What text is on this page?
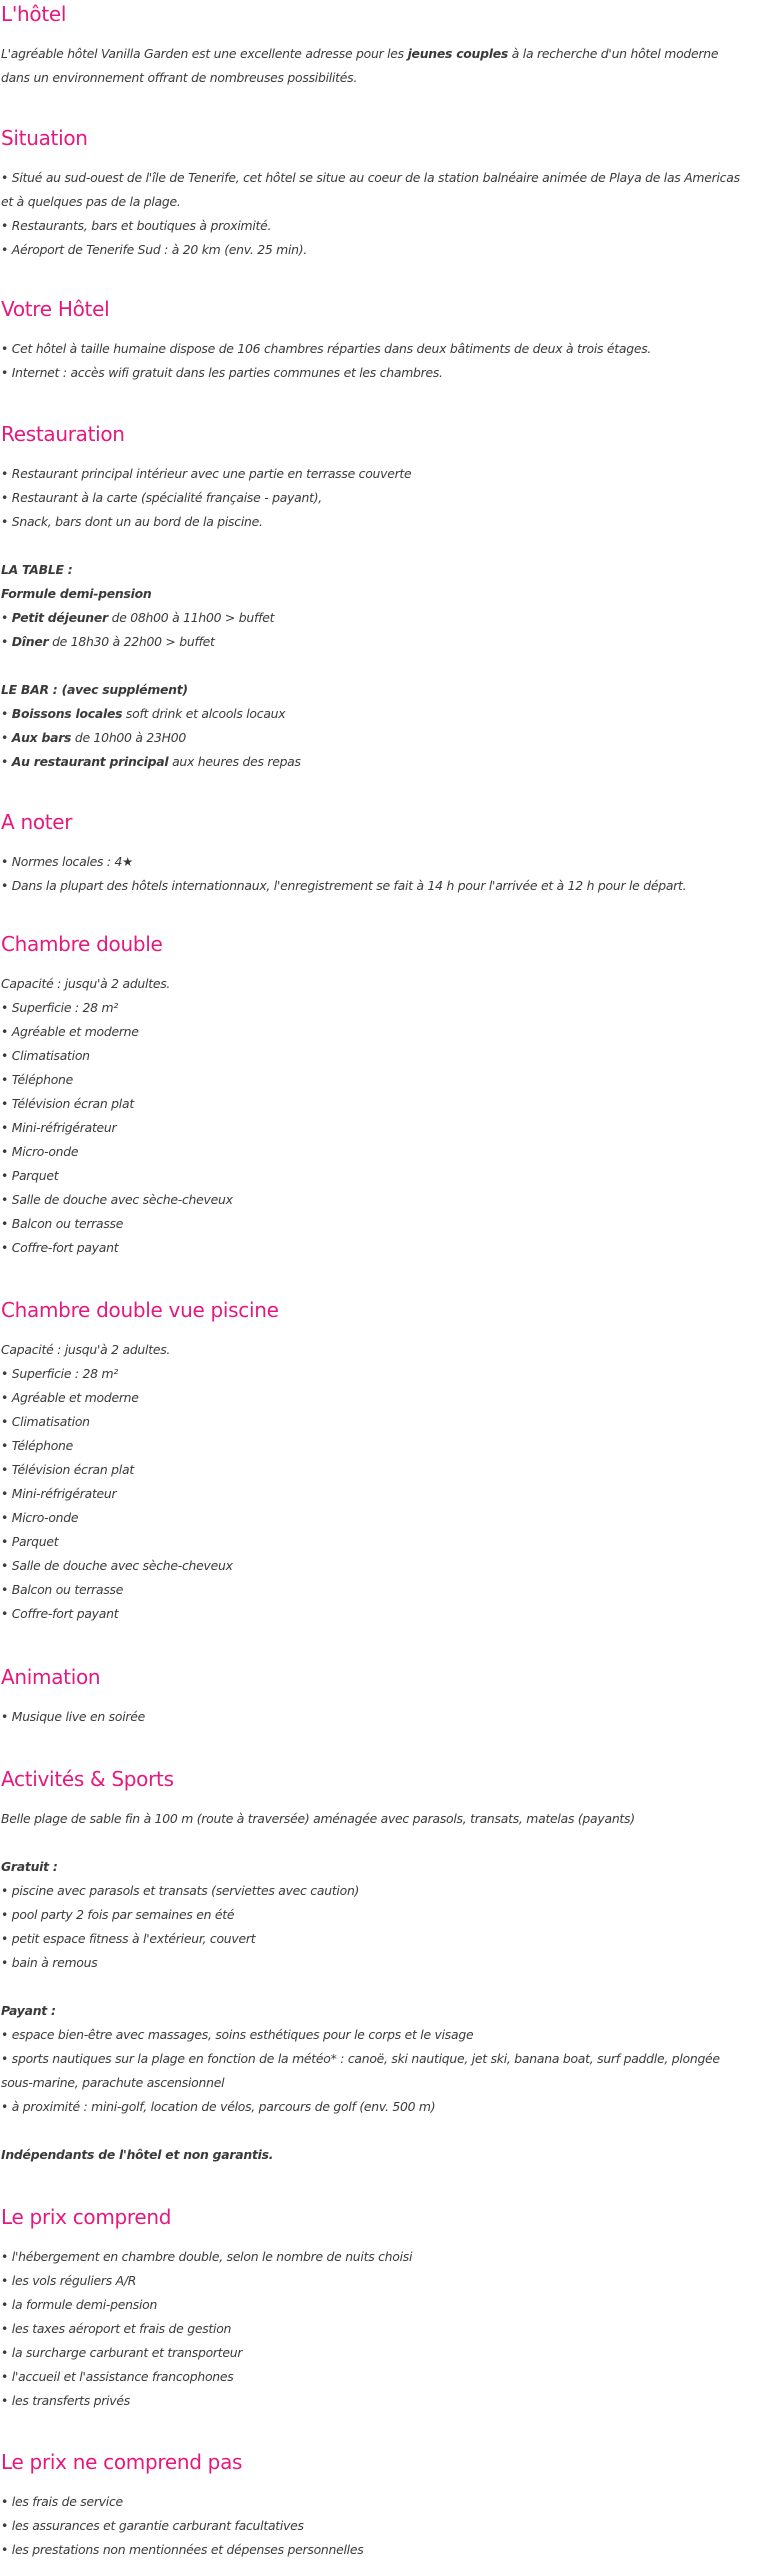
L'hôtel
L'agréable hôtel Vanilla Garden est une excellente adresse pour les jeunes couples à la recherche d'un hôtel moderne dans un environnement offrant de nombreuses possibilités.
Situation
• Situé au sud-ouest de l'île de Tenerife, cet hôtel se situe au coeur de la station balnéaire animée de Playa de las Americas et à quelques pas de la plage.
• Restaurants, bars et boutiques à proximité.
• Aéroport de Tenerife Sud : à 20 km (env. 25 min).
Votre Hôtel
• Cet hôtel à taille humaine dispose de 106 chambres réparties dans deux bâtiments de deux à trois étages.
• Internet : accès wifi gratuit dans les parties communes et les chambres.
Restauration
• Restaurant principal intérieur avec une partie en terrasse couverte
• Restaurant à la carte (spécialité française - payant),
• Snack, bars dont un au bord de la piscine.
LA TABLE :
Formule demi-pension
• Petit déjeuner de 08h00 à 11h00 > buffet
• Dîner de 18h30 à 22h00 > buffet
LE BAR : (avec supplément)
• Boissons locales soft drink et alcools locaux
• Aux bars de 10h00 à 23H00
• Au restaurant principal aux heures des repas
A noter
• Normes locales : 4★
• Dans la plupart des hôtels internationnaux, l'enregistrement se fait à 14 h pour l'arrivée et à 12 h pour le départ.
Chambre double
Capacité : jusqu'à 2 adultes.
• Superficie : 28 m²
• Agréable et moderne
• Climatisation
• Téléphone
• Télévision écran plat
• Mini-réfrigérateur
• Micro-onde
• Parquet
• Salle de douche avec sèche-cheveux
• Balcon ou terrasse
• Coffre-fort payant
Chambre double vue piscine
Capacité : jusqu'à 2 adultes.
• Superficie : 28 m²
• Agréable et moderne
• Climatisation
• Téléphone
• Télévision écran plat
• Mini-réfrigérateur
• Micro-onde
• Parquet
• Salle de douche avec sèche-cheveux
• Balcon ou terrasse
• Coffre-fort payant
Animation
• Musique live en soirée
Activités & Sports
Belle plage de sable fin à 100 m (route à traversée) aménagée avec parasols, transats, matelas (payants)
Gratuit :
• piscine avec parasols et transats (serviettes avec caution)
• pool party 2 fois par semaines en été
• petit espace fitness à l'extérieur, couvert
• bain à remous
Payant :
• espace bien-être avec massages, soins esthétiques pour le corps et le visage
• sports nautiques sur la plage en fonction de la météo* : canoë, ski nautique, jet ski, banana boat, surf paddle, plongée sous-marine, parachute ascensionnel
• à proximité : mini-golf, location de vélos, parcours de golf (env. 500 m)
Indépendants de l'hôtel et non garantis.
Le prix comprend
• l'hébergement en chambre double, selon le nombre de nuits choisi
• les vols réguliers A/R
• la formule demi-pension
• les taxes aéroport et frais de gestion
• la surcharge carburant et transporteur
• l'accueil et l'assistance francophones
• les transferts privés
Le prix ne comprend pas
• les frais de service
• les assurances et garantie carburant facultatives
• les prestations non mentionnées et dépenses personnelles
